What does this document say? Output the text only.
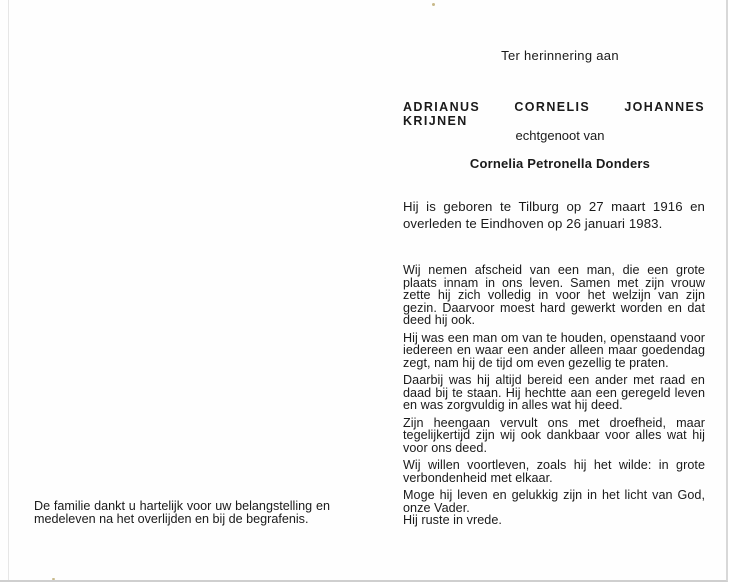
Ter herinnering aan
ADRIANUS CORNELIS JOHANNES KRIJNEN
echtgenoot van
Cornelia Petronella Donders
Hij is geboren te Tilburg op 27 maart 1916 en
overleden te Eindhoven op 26 januari 1983.

Wij nemen afscheid van een man, die een grote plaats innam in ons leven. Samen met zijn vrouw zette hij zich volledig in voor het welzijn van zijn gezin. Daarvoor moest hard gewerkt worden en dat deed hij ook.

Hij was een man om van te houden, openstaand voor iedereen en waar een ander alleen maar goedendag zegt, nam hij de tijd om even gezellig te praten.

Daarbij was hij altijd bereid een ander met raad en daad bij te staan. Hij hechtte aan een geregeld leven en was zorgvuldig in alles wat hij deed.

Zijn heengaan vervult ons met droefheid, maar tegelijkertijd zijn wij ook dankbaar voor alles wat hij voor ons deed.

Wij willen voortleven, zoals hij het wilde: in grote verbondenheid met elkaar.

Moge hij leven en gelukkig zijn in het licht van God, onze Vader.

Hij ruste in vrede.

De familie dankt u hartelijk voor uw belangstelling en medeleven na het overlijden en bij de begrafenis.
